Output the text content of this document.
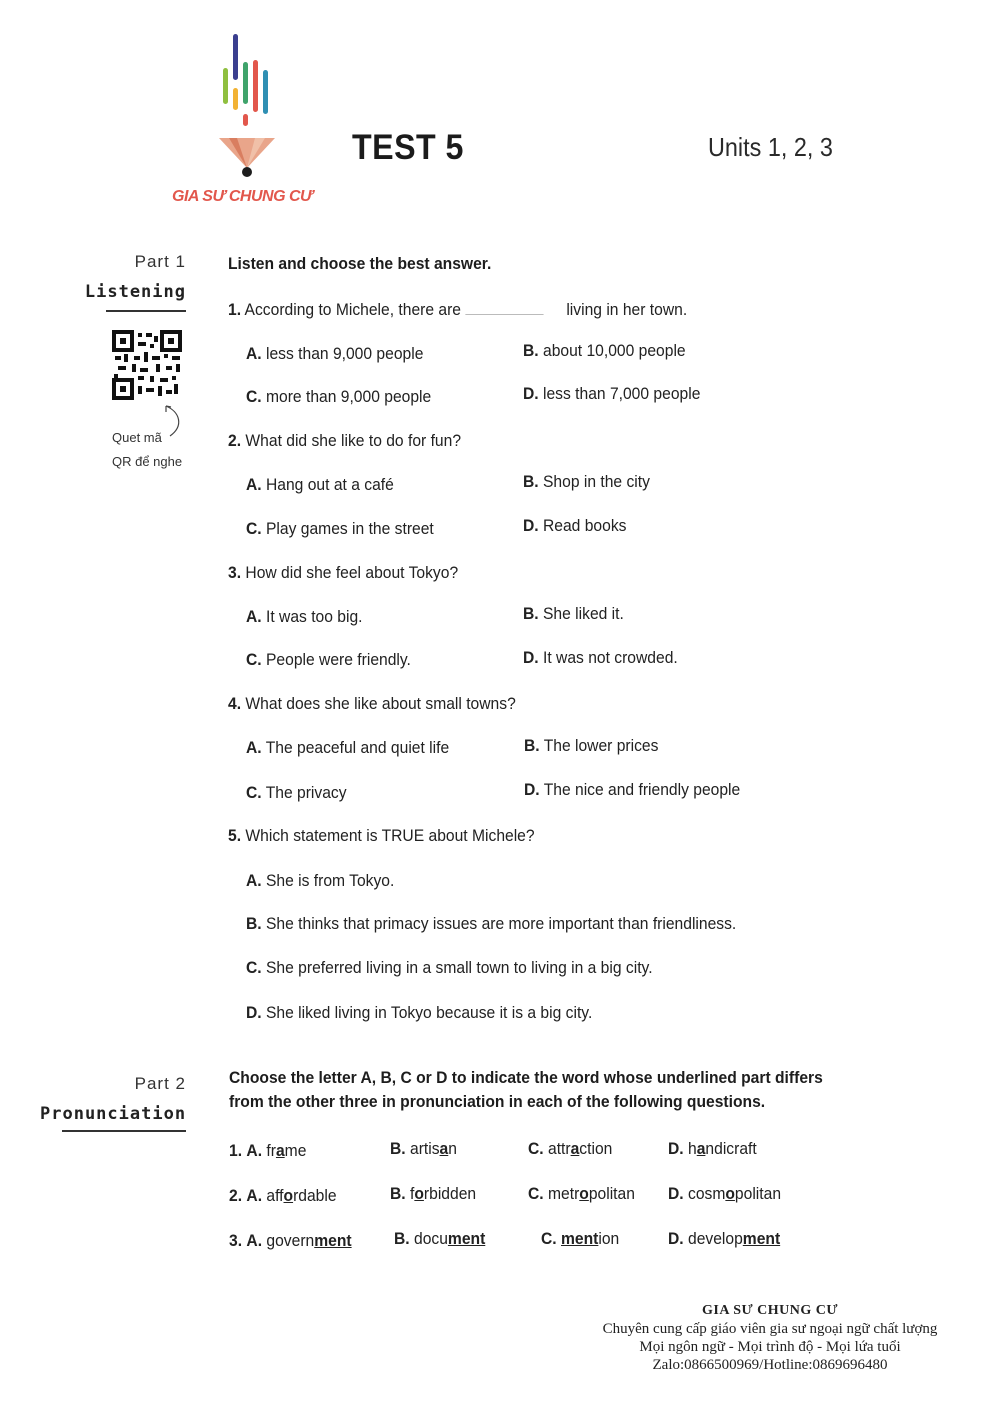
GIA SƯ CHUNG CƯ
TEST 5	Units 1, 2, 3
Part 1
Listening
Quet mã
QR để nghe
Listen and choose the best answer.
1. According to Michele, there are	living in her town.
A. less than 9,000 people	B. about 10,000 people
C. more than 9,000 people	D. less than 7,000 people
2. What did she like to do for fun?
A. Hang out at a café	B. Shop in the city
C. Play games in the street	D. Read books
3. How did she feel about Tokyo?
A. It was too big.	B. She liked it.
C. People were friendly.	D. It was not crowded.
4. What does she like about small towns?
A. The peaceful and quiet life	B. The lower prices
C. The privacy	D. The nice and friendly people
5. Which statement is TRUE about Michele?
A. She is from Tokyo.
B. She thinks that primacy issues are more important than friendliness.
C. She preferred living in a small town to living in a big city.
D. She liked living in Tokyo because it is a big city.
Part 2
Pronunciation
Choose the letter A, B, C or D to indicate the word whose underlined part differs
from the other three in pronunciation in each of the following questions.
1. A. frame	B. artisan	C. attraction	D. handicraft
2. A. affordable	B. forbidden	C. metropolitan D. cosmopolitan
3. A. government B. document	C. mention	D. development
GIA SƯ CHUNG CƯ
Chuyên cung cấp giáo viên gia sư ngoại ngữ chất lượng
Mọi ngôn ngữ - Mọi trình độ - Mọi lứa tuổi
Zalo:0866500969/Hotline:0869696480
